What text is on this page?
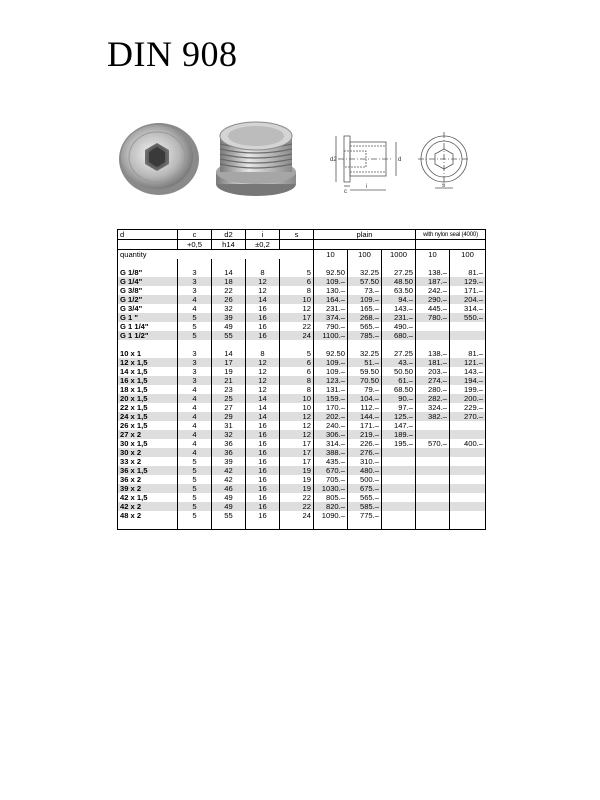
DIN 908
d2	d
c
i	s
d	c	d2	i	s	plain			with nylon seal (4000)	
	+0,5	h14	±0,2						
quantity					10	100	1000	10	100

G 1/8"	3	14	8	5	92.50	32.25	27.25	138.–	81.–
G 1/4"	3	18	12	6	109.–	57.50	48.50	187.–	129.–
G 3/8"	3	22	12	8	130.–	73.–	63.50	242.–	171.–
G 1/2"	4	26	14	10	164.–	109.–	94.–	290.–	204.–
G 3/4"	4	32	16	12	231.–	165.–	143.–	445.–	314.–
G 1 "	5	39	16	17	374.–	268.–	231.–	780.–	550.–
G 1 1/4"	5	49	16	22	790.–	565.–	490.–		
G 1 1/2"	5	55	16	24	1100.–	785.–	680.–		

10 x 1	3	14	8	5	92.50	32.25	27.25	138.–	81.–
12 x 1,5	3	17	12	6	109.–	51.–	43.–	181.–	121.–
14 x 1,5	3	19	12	6	109.–	59.50	50.50	203.–	143.–
16 x 1,5	3	21	12	8	123.–	70.50	61.–	274.–	194.–
18 x 1,5	4	23	12	8	131.–	79.–	68.50	280.–	199.–
20 x 1,5	4	25	14	10	159.–	104.–	90.–	282.–	200.–
22 x 1,5	4	27	14	10	170.–	112.–	97.–	324.–	229.–
24 x 1,5	4	29	14	12	202.–	144.–	125.–	382.–	270.–
26 x 1,5	4	31	16	12	240.–	171.–	147.–		
27 x 2	4	32	16	12	306.–	219.–	189.–		
30 x 1,5	4	36	16	17	314.–	226.–	195.–	570.–	400.–
30 x 2	4	36	16	17	388.–	276.–			
33 x 2	5	39	16	17	435.–	310.–			
36 x 1,5	5	42	16	19	670.–	480.–			
36 x 2	5	42	16	19	705.–	500.–			
39 x 2	5	46	16	19	1030.–	675.–			
42 x 1,5	5	49	16	22	805.–	565.–			
42 x 2	5	49	16	22	820.–	585.–			
48 x 2	5	55	16	24	1090.–	775.–			
